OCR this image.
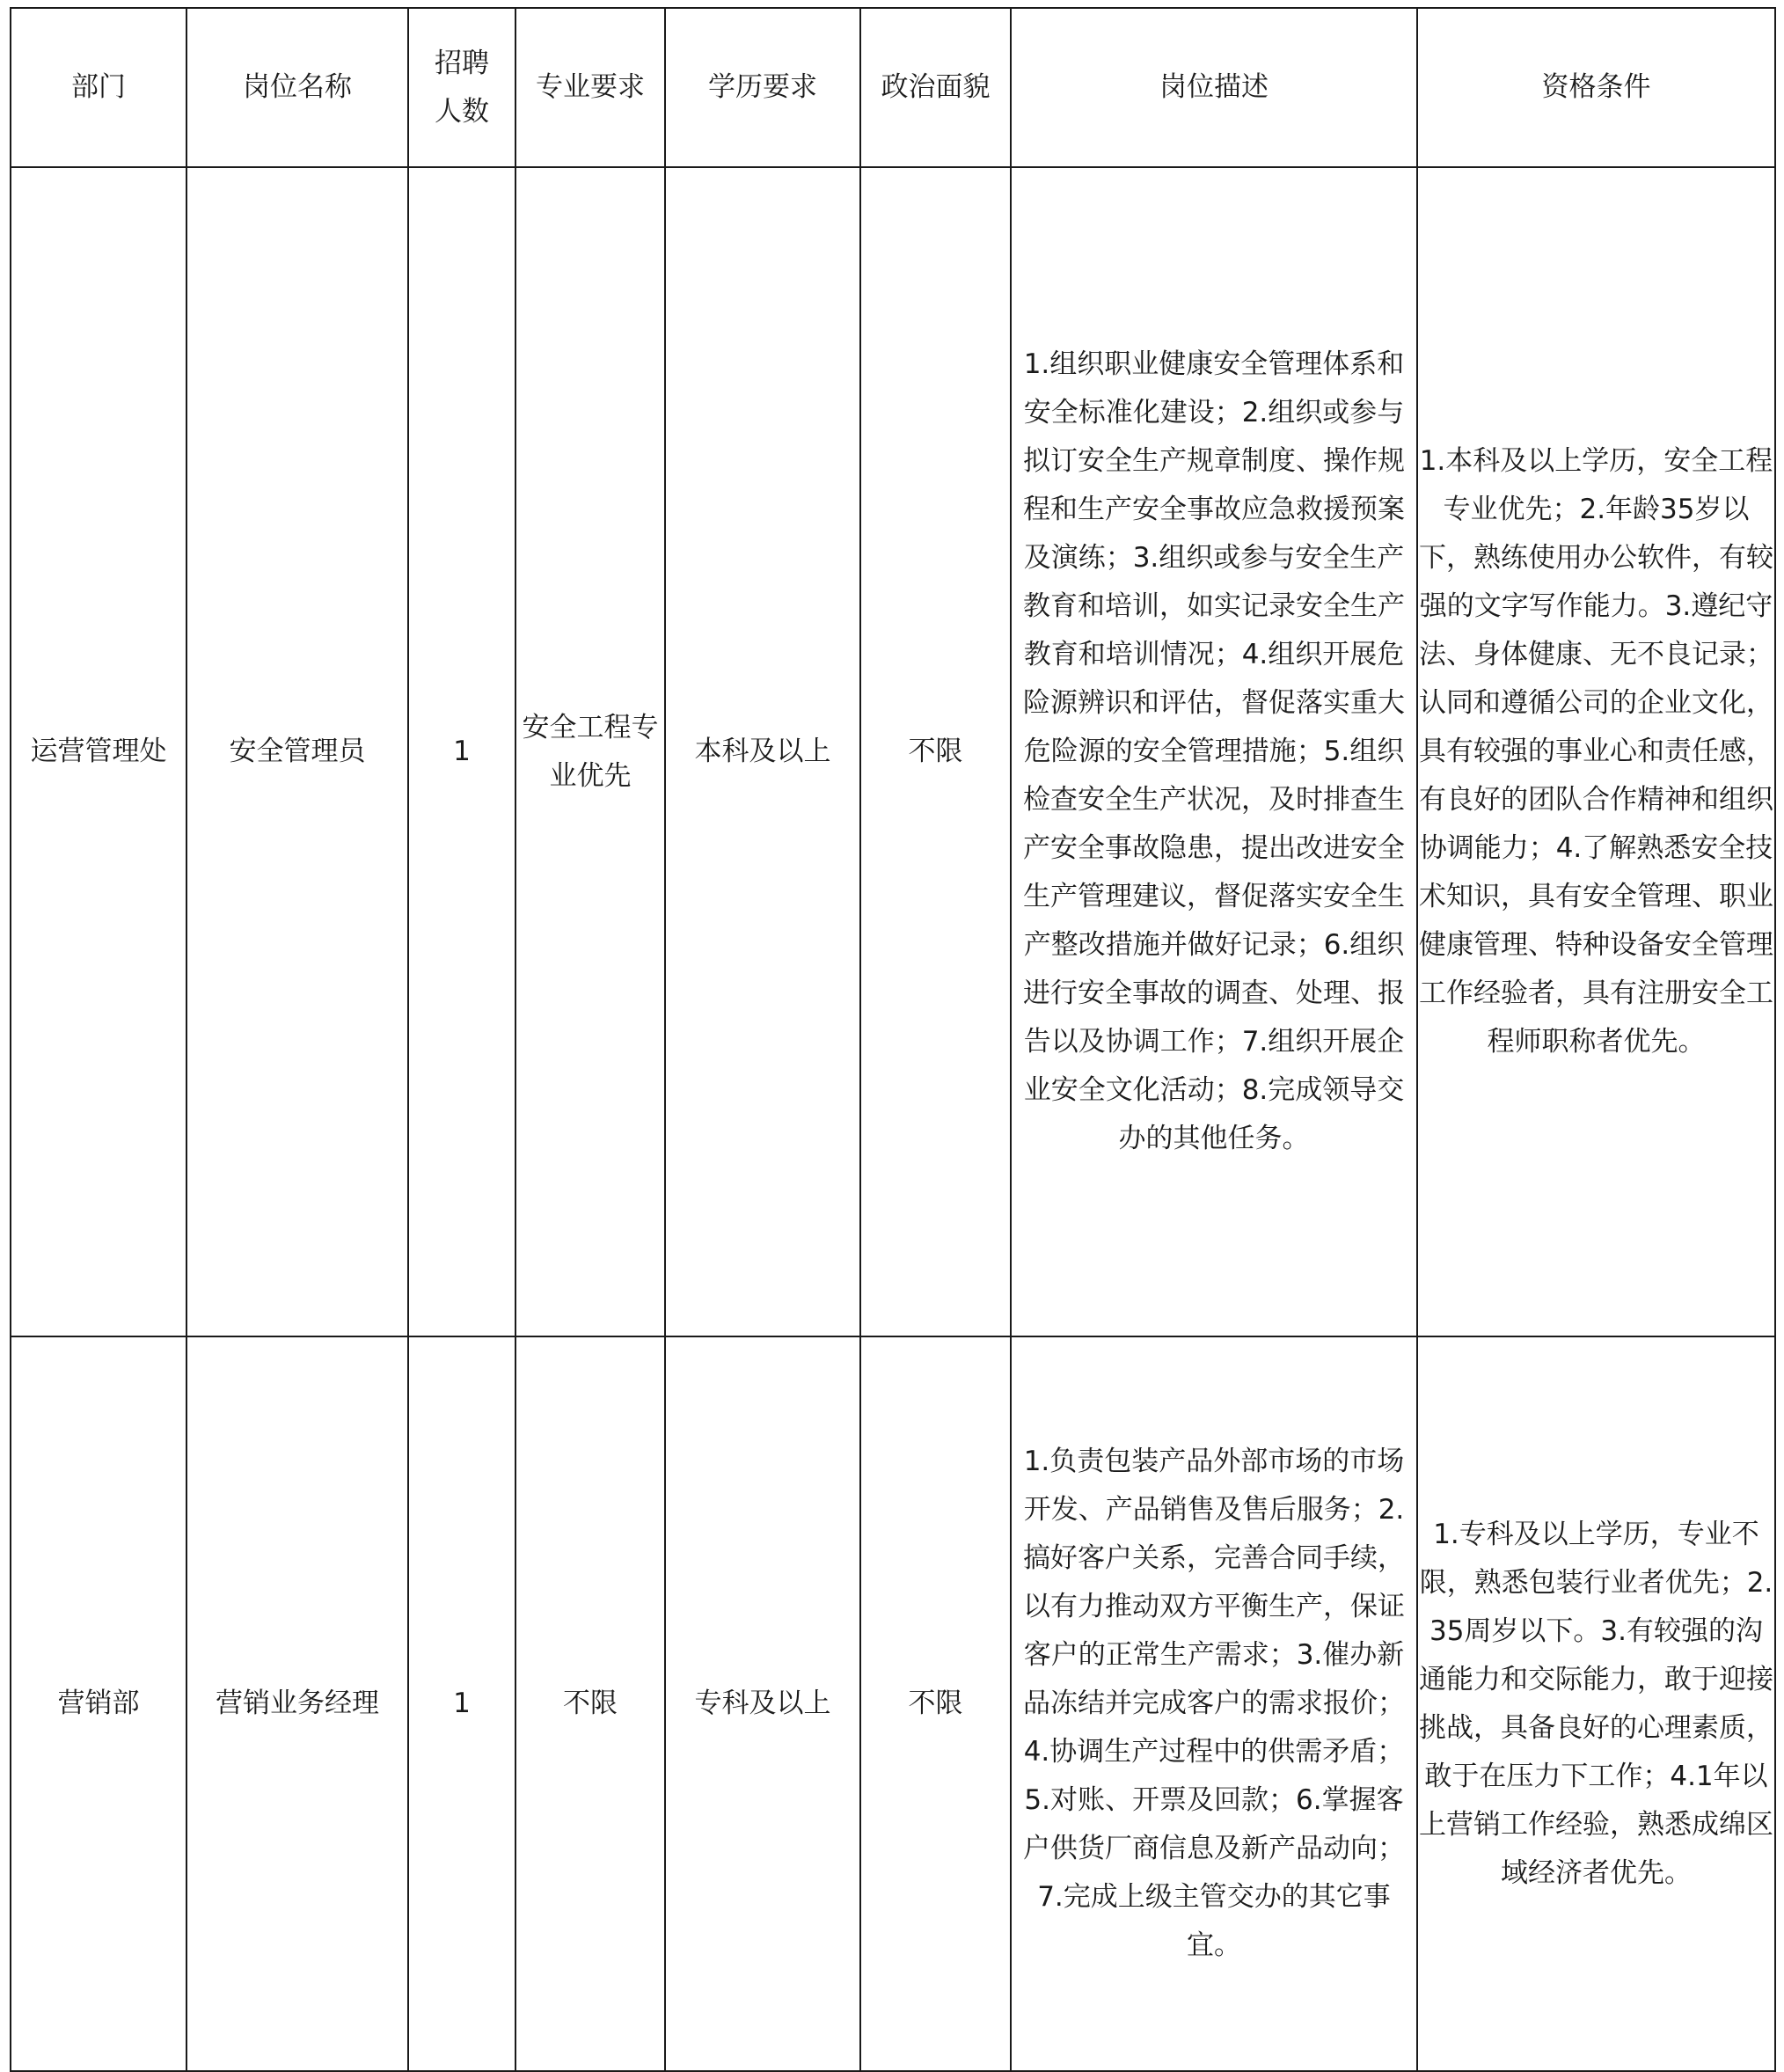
部门	岗位名称	招聘人数	专业要求	学历要求	政治面貌	岗位描述	资格条件
运营管理处	安全管理员	1	安全工程专业优先	本科及以上	不限	1.组织职业健康安全管理体系和安全标准化建设；2.组织或参与拟订安全生产规章制度、操作规程和生产安全事故应急救援预案及演练；3.组织或参与安全生产教育和培训，如实记录安全生产教育和培训情况；4.组织开展危险源辨识和评估，督促落实重大危险源的安全管理措施；5.组织检查安全生产状况，及时排查生产安全事故隐患，提出改进安全生产管理建议，督促落实安全生产整改措施并做好记录；6.组织进行安全事故的调查、处理、报告以及协调工作；7.组织开展企业安全文化活动；8.完成领导交办的其他任务。	1.本科及以上学历，安全工程专业优先；2.年龄35岁以下，熟练使用办公软件，有较强的文字写作能力。3.遵纪守法、身体健康、无不良记录；认同和遵循公司的企业文化，具有较强的事业心和责任感，有良好的团队合作精神和组织协调能力；4.了解熟悉安全技术知识，具有安全管理、职业健康管理、特种设备安全管理工作经验者，具有注册安全工程师职称者优先。
营销部	营销业务经理	1	不限	专科及以上	不限	1.负责包装产品外部市场的市场开发、产品销售及售后服务；2.搞好客户关系，完善合同手续，以有力推动双方平衡生产，保证客户的正常生产需求；3.催办新品冻结并完成客户的需求报价；4.协调生产过程中的供需矛盾；5.对账、开票及回款；6.掌握客户供货厂商信息及新产品动向；7.完成上级主管交办的其它事宜。	1.专科及以上学历，专业不限，熟悉包装行业者优先；2.35周岁以下。3.有较强的沟通能力和交际能力，敢于迎接挑战，具备良好的心理素质，敢于在压力下工作；4.1年以上营销工作经验，熟悉成绵区域经济者优先。
